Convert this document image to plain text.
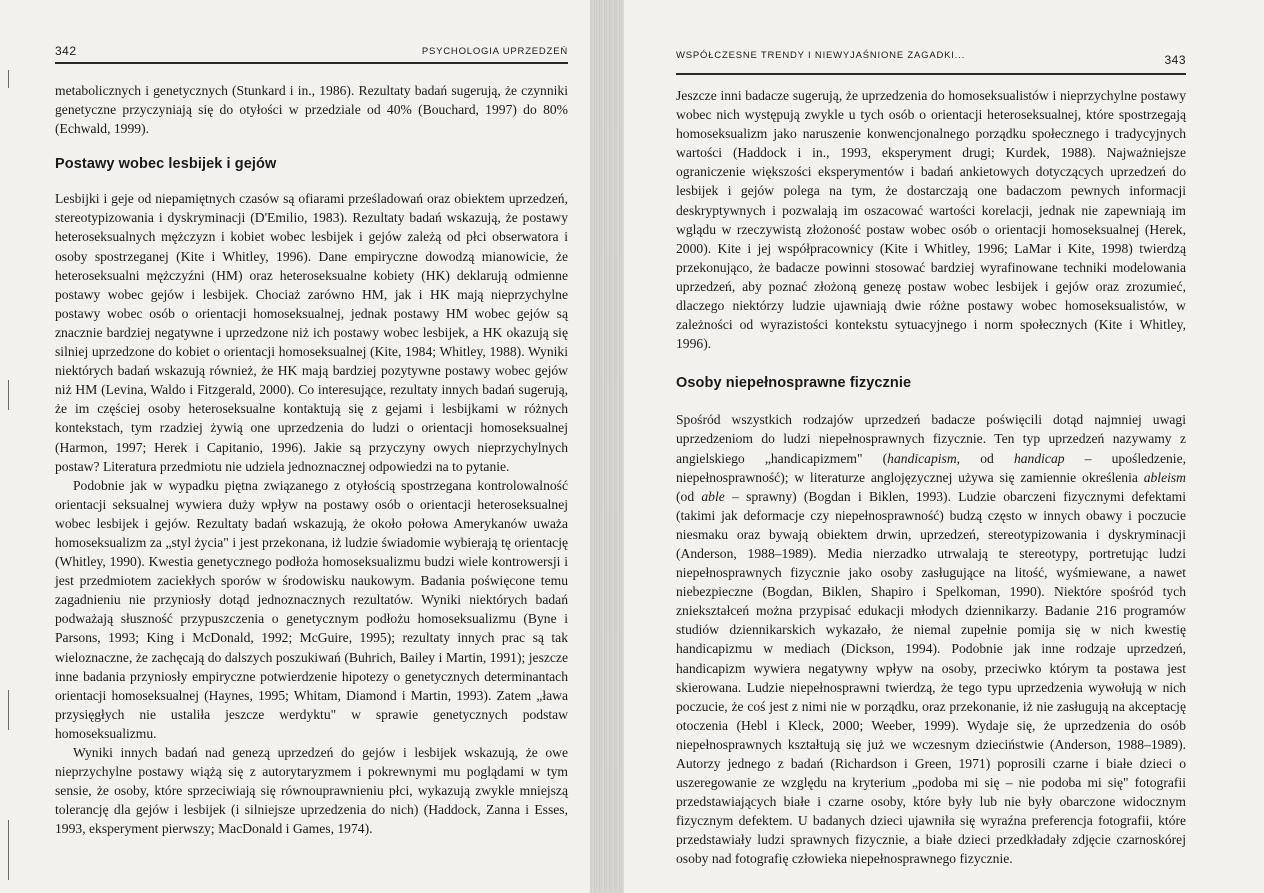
342	PSYCHOLOGIA UPRZEDZEŃ

metabolicznych i genetycznych (Stunkard i in., 1986). Rezultaty badań sugerują, że czynniki genetyczne przyczyniają się do otyłości w przedziale od 40% (Bouchard, 1997) do 80% (Echwald, 1999).

Postawy wobec lesbijek i gejów

Lesbijki i geje od niepamiętnych czasów są ofiarami prześladowań oraz obiektem uprzedzeń, stereotypizowania i dyskryminacji (D'Emilio, 1983). Rezultaty badań wskazują, że postawy heteroseksualnych mężczyzn i kobiet wobec lesbijek i gejów zależą od płci obserwatora i osoby spostrzeganej (Kite i Whitley, 1996). Dane empiryczne dowodzą mianowicie, że heteroseksualni mężczyźni (HM) oraz heteroseksualne kobiety (HK) deklarują odmienne postawy wobec gejów i lesbijek. Chociaż zarówno HM, jak i HK mają nieprzychylne postawy wobec osób o orientacji homoseksualnej, jednak postawy HM wobec gejów są znacznie bardziej negatywne i uprzedzone niż ich postawy wobec lesbijek, a HK okazują się silniej uprzedzone do kobiet o orientacji homoseksualnej (Kite, 1984; Whitley, 1988). Wyniki niektórych badań wskazują również, że HK mają bardziej pozytywne postawy wobec gejów niż HM (Levina, Waldo i Fitzgerald, 2000). Co interesujące, rezultaty innych badań sugerują, że im częściej osoby heteroseksualne kontaktują się z gejami i lesbijkami w różnych kontekstach, tym rzadziej żywią one uprzedzenia do ludzi o orientacji homoseksualnej (Harmon, 1997; Herek i Capitanio, 1996). Jakie są przyczyny owych nieprzychylnych postaw? Literatura przedmiotu nie udziela jednoznacznej odpowiedzi na to pytanie.

Podobnie jak w wypadku piętna związanego z otyłością spostrzegana kontrolowalność orientacji seksualnej wywiera duży wpływ na postawy osób o orientacji heteroseksualnej wobec lesbijek i gejów. Rezultaty badań wskazują, że około połowa Amerykanów uważa homoseksualizm za „styl życia" i jest przekonana, iż ludzie świadomie wybierają tę orientację (Whitley, 1990). Kwestia genetycznego podłoża homoseksualizmu budzi wiele kontrowersji i jest przedmiotem zaciekłych sporów w środowisku naukowym. Badania poświęcone temu zagadnieniu nie przyniosły dotąd jednoznacznych rezultatów. Wyniki niektórych badań podważają słuszność przypuszczenia o genetycznym podłożu homoseksualizmu (Byne i Parsons, 1993; King i McDonald, 1992; McGuire, 1995); rezultaty innych prac są tak wieloznaczne, że zachęcają do dalszych poszukiwań (Buhrich, Bailey i Martin, 1991); jeszcze inne badania przyniosły empiryczne potwierdzenie hipotezy o genetycznych determinantach orientacji homoseksualnej (Haynes, 1995; Whitam, Diamond i Martin, 1993). Zatem „ława przysięgłych nie ustaliła jeszcze werdyktu" w sprawie genetycznych podstaw homoseksualizmu.

Wyniki innych badań nad genezą uprzedzeń do gejów i lesbijek wskazują, że owe nieprzychylne postawy wiążą się z autorytaryzmem i pokrewnymi mu poglądami w tym sensie, że osoby, które sprzeciwiają się równouprawnieniu płci, wykazują zwykle mniejszą tolerancję dla gejów i lesbijek (i silniejsze uprzedzenia do nich) (Haddock, Zanna i Esses, 1993, eksperyment pierwszy; MacDonald i Games, 1974).

WSPÓŁCZESNE TRENDY I NIEWYJAŚNIONE ZAGADKI...	343

Jeszcze inni badacze sugerują, że uprzedzenia do homoseksualistów i nieprzychylne postawy wobec nich występują zwykle u tych osób o orientacji heteroseksualnej, które spostrzegają homoseksualizm jako naruszenie konwencjonalnego porządku społecznego i tradycyjnych wartości (Haddock i in., 1993, eksperyment drugi; Kurdek, 1988). Najważniejsze ograniczenie większości eksperymentów i badań ankietowych dotyczących uprzedzeń do lesbijek i gejów polega na tym, że dostarczają one badaczom pewnych informacji deskryptywnych i pozwalają im oszacować wartości korelacji, jednak nie zapewniają im wglądu w rzeczywistą złożoność postaw wobec osób o orientacji homoseksualnej (Herek, 2000). Kite i jej współpracownicy (Kite i Whitley, 1996; LaMar i Kite, 1998) twierdzą przekonująco, że badacze powinni stosować bardziej wyrafinowane techniki modelowania uprzedzeń, aby poznać złożoną genezę postaw wobec lesbijek i gejów oraz zrozumieć, dlaczego niektórzy ludzie ujawniają dwie różne postawy wobec homoseksualistów, w zależności od wyrazistości kontekstu sytuacyjnego i norm społecznych (Kite i Whitley, 1996).

Osoby niepełnosprawne fizycznie

Spośród wszystkich rodzajów uprzedzeń badacze poświęcili dotąd najmniej uwagi uprzedzeniom do ludzi niepełnosprawnych fizycznie. Ten typ uprzedzeń nazywamy z angielskiego „handicapizmem" (handicapism, od handicap – upośledzenie, niepełnosprawność); w literaturze anglojęzycznej używa się zamiennie określenia ableism (od able – sprawny) (Bogdan i Biklen, 1993). Ludzie obarczeni fizycznymi defektami (takimi jak deformacje czy niepełnosprawność) budzą często w innych obawy i poczucie niesmaku oraz bywają obiektem drwin, uprzedzeń, stereotypizowania i dyskryminacji (Anderson, 1988–1989). Media nierzadko utrwalają te stereotypy, portretując ludzi niepełnosprawnych fizycznie jako osoby zasługujące na litość, wyśmiewane, a nawet niebezpieczne (Bogdan, Biklen, Shapiro i Spelkoman, 1990). Niektóre spośród tych zniekształceń można przypisać edukacji młodych dziennikarzy. Badanie 216 programów studiów dziennikarskich wykazało, że niemal zupełnie pomija się w nich kwestię handicapizmu w mediach (Dickson, 1994). Podobnie jak inne rodzaje uprzedzeń, handicapizm wywiera negatywny wpływ na osoby, przeciwko którym ta postawa jest skierowana. Ludzie niepełnosprawni twierdzą, że tego typu uprzedzenia wywołują w nich poczucie, że coś jest z nimi nie w porządku, oraz przekonanie, iż nie zasługują na akceptację otoczenia (Hebl i Kleck, 2000; Weeber, 1999). Wydaje się, że uprzedzenia do osób niepełnosprawnych kształtują się już we wczesnym dzieciństwie (Anderson, 1988–1989). Autorzy jednego z badań (Richardson i Green, 1971) poprosili czarne i białe dzieci o uszeregowanie ze względu na kryterium „podoba mi się – nie podoba mi się" fotografii przedstawiających białe i czarne osoby, które były lub nie były obarczone widocznym fizycznym defektem. U badanych dzieci ujawniła się wyraźna preferencja fotografii, które przedstawiały ludzi sprawnych fizycznie, a białe dzieci przedkładały zdjęcie czarnoskórej osoby nad fotografię człowieka niepełnosprawnego fizycznie.
